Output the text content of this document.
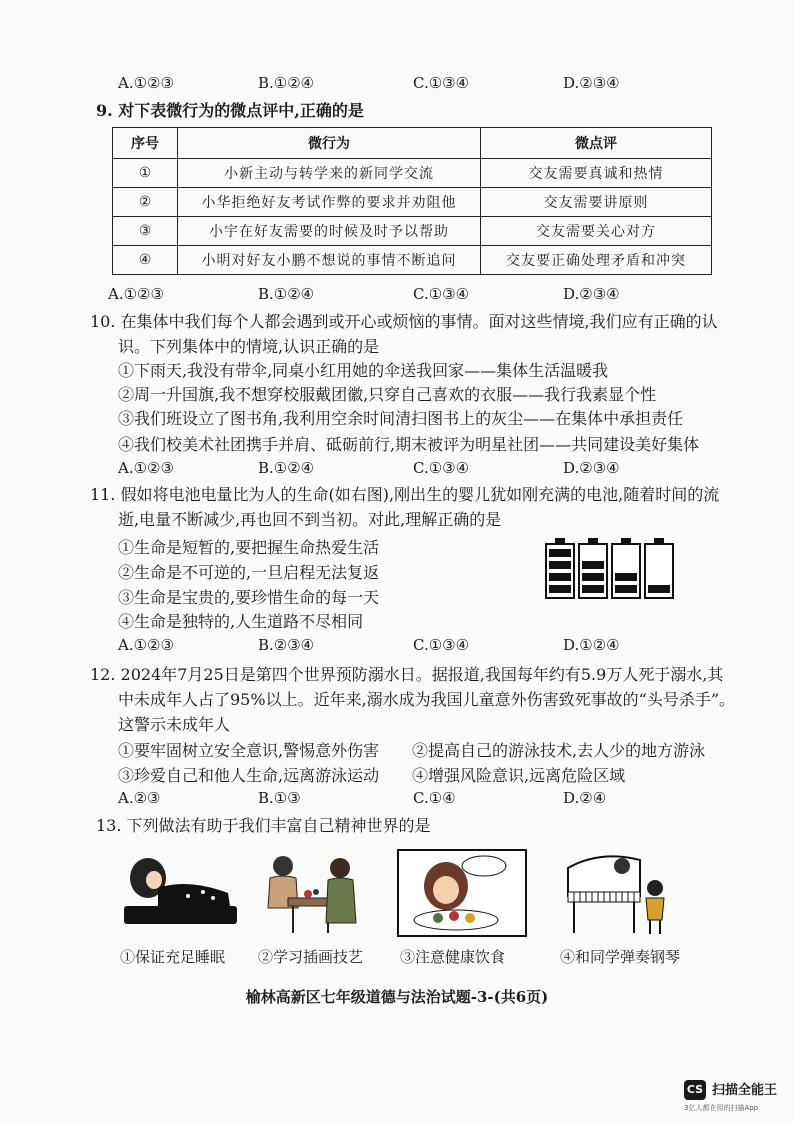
A.①②③	B.①②④	C.①③④	D.②③④
9. 对下表微行为的微点评中,正确的是
序号	微行为	微点评
①	小新主动与转学来的新同学交流	交友需要真诚和热情
②	小华拒绝好友考试作弊的要求并劝阻他	交友需要讲原则
③	小宇在好友需要的时候及时予以帮助	交友需要关心对方
④	小明对好友小鹏不想说的事情不断追问	交友要正确处理矛盾和冲突
A.①②③	B.①②④	C.①③④	D.②③④
10. 在集体中我们每个人都会遇到或开心或烦恼的事情。面对这些情境,我们应有正确的认
识。下列集体中的情境,认识正确的是
①下雨天,我没有带伞,同桌小红用她的伞送我回家——集体生活温暖我
②周一升国旗,我不想穿校服戴团徽,只穿自己喜欢的衣服——我行我素显个性
③我们班设立了图书角,我利用空余时间清扫图书上的灰尘——在集体中承担责任
④我们校美术社团携手并肩、砥砺前行,期末被评为明星社团——共同建设美好集体
A.①②③	B.①②④	C.①③④	D.②③④
11. 假如将电池电量比为人的生命(如右图),刚出生的婴儿犹如刚充满的电池,随着时间的流
逝,电量不断减少,再也回不到当初。对此,理解正确的是
①生命是短暂的,要把握生命热爱生活
②生命是不可逆的,一旦启程无法复返
③生命是宝贵的,要珍惜生命的每一天
④生命是独特的,人生道路不尽相同
A.①②③	B.②③④	C.①③④	D.①②④
12. 2024年7月25日是第四个世界预防溺水日。据报道,我国每年约有5.9万人死于溺水,其
中未成年人占了95%以上。近年来,溺水成为我国儿童意外伤害致死事故的“头号杀手”。
这警示未成年人
①要牢固树立安全意识,警惕意外伤害 ②提高自己的游泳技术,去人少的地方游泳
③珍爱自己和他人生命,远离游泳运动 ④增强风险意识,远离危险区域
A.②③	B.①③	C.①④	D.②④
13. 下列做法有助于我们丰富自己精神世界的是
①保证充足睡眠 ②学习插画技艺 ③注意健康饮食	④和同学弹奏钢琴
榆林高新区七年级道德与法治试题-3-(共6页)
CS 扫描全能王
3亿人都在用的扫描App
